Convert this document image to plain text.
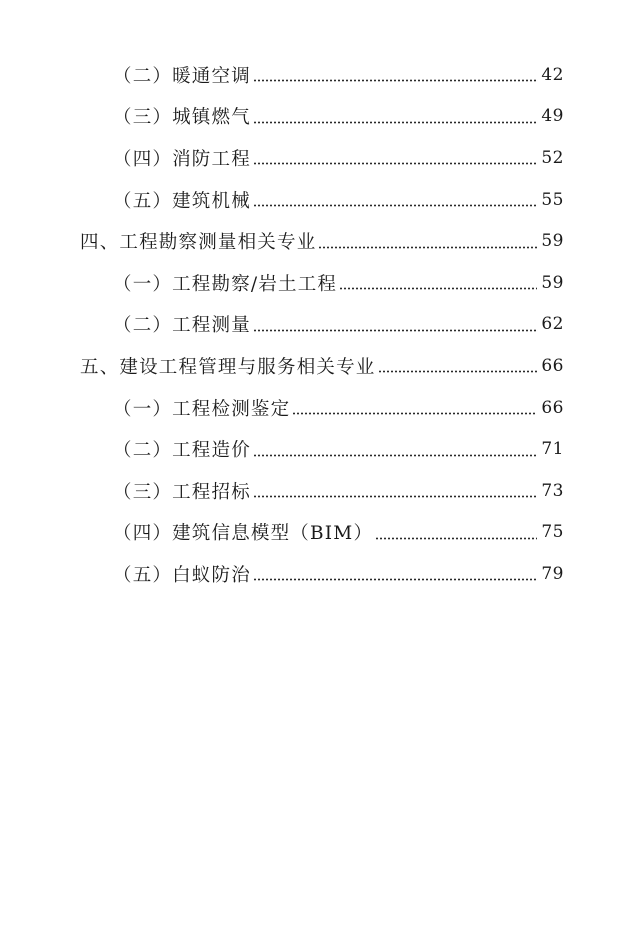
（二）暖通空调	42
（三）城镇燃气	49
（四）消防工程	52
（五）建筑机械	55
四、工程勘察测量相关专业	59
（一）工程勘察/岩土工程	59
（二）工程测量	62
五、建设工程管理与服务相关专业	66
（一）工程检测鉴定	66
（二）工程造价	71
（三）工程招标	73
（四）建筑信息模型（BIM）	75
（五）白蚁防治	79
